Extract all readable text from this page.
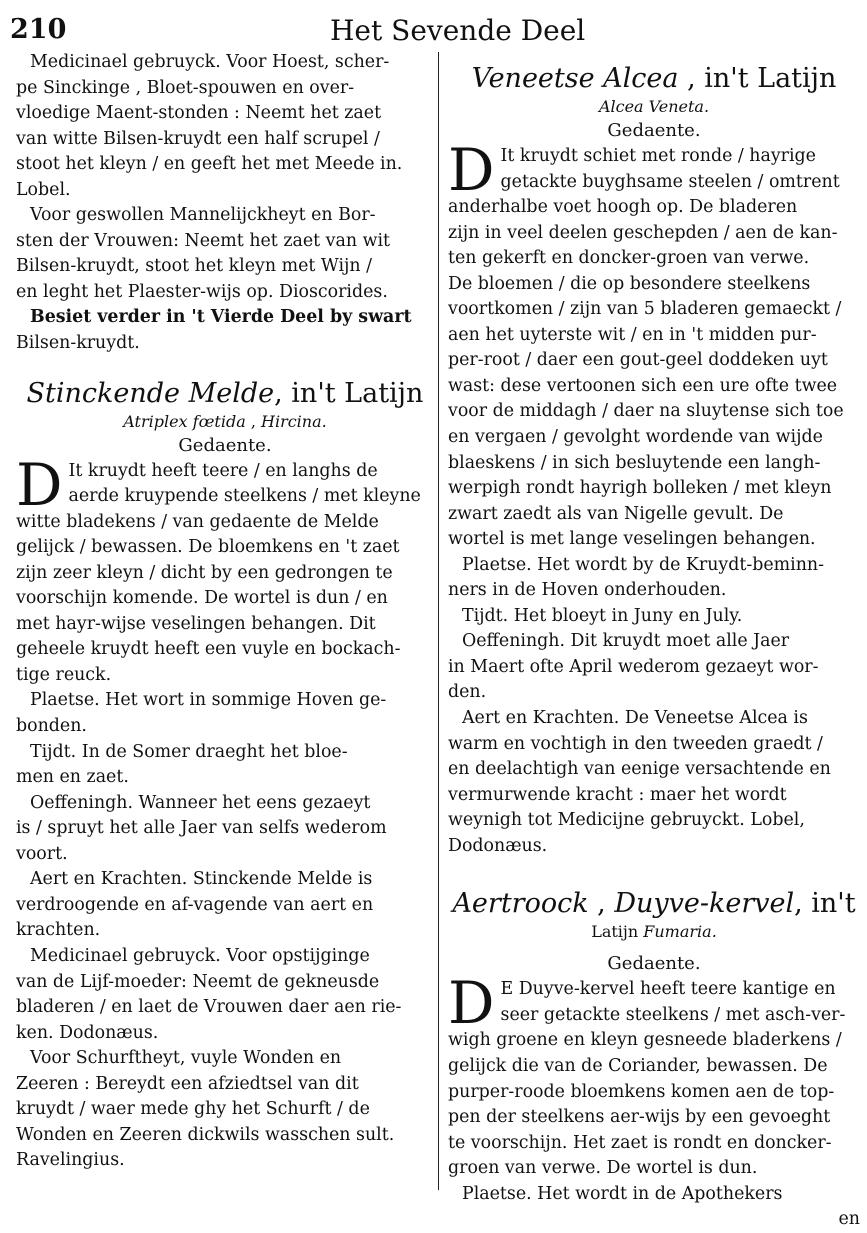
210	Het Sevende Deel

Medicinael gebruyck. Voor Hoest, scher-

pe Sinckinge , Bloet-spouwen en over-

vloedige Maent-stonden : Neemt het zaet

van witte Bilsen-kruydt een half scrupel /

stoot het kleyn / en geeft het met Meede in.

Lobel.

Voor geswollen Mannelijckheyt en Bor-

sten der Vrouwen: Neemt het zaet van wit

Bilsen-kruydt, stoot het kleyn met Wijn /

en leght het Plaester-wijs op. Dioscorides.

Besiet verder in 't Vierde Deel by swart

Bilsen-kruydt.

Stinckende Melde, in't Latijn

Atriplex fœtida , Hircina.

Gedaente.

D It kruydt heeft teere / en langhs de

aerde kruypende steelkens / met kleyne

witte bladekens / van gedaente de Melde

gelijck / bewassen. De bloemkens en 't zaet

zijn zeer kleyn / dicht by een gedrongen te

voorschijn komende. De wortel is dun / en

met hayr-wijse veselingen behangen. Dit

geheele kruydt heeft een vuyle en bockach-

tige reuck.

Plaetse. Het wort in sommige Hoven ge-

bonden.

Tijdt. In de Somer draeght het bloe-

men en zaet.

Oeffeningh. Wanneer het eens gezaeyt

is / spruyt het alle Jaer van selfs wederom

voort.

Aert en Krachten. Stinckende Melde is

verdroogende en af-vagende van aert en

krachten.

Medicinael gebruyck. Voor opstijginge

van de Lijf-moeder: Neemt de gekneusde

bladeren / en laet de Vrouwen daer aen rie-

ken. Dodonæus.

Voor Schurftheyt, vuyle Wonden en

Zeeren : Bereydt een afziedtsel van dit

kruydt / waer mede ghy het Schurft / de

Wonden en Zeeren dickwils wasschen sult.

Ravelingius.

Veneetse Alcea , in't Latijn

Alcea Veneta.

Gedaente.

D It kruydt schiet met ronde / hayrige

getackte buyghsame steelen / omtrent

anderhalbe voet hoogh op. De bladeren

zijn in veel deelen geschepden / aen de kan-

ten gekerft en doncker-groen van verwe.

De bloemen / die op besondere steelkens

voortkomen / zijn van 5 bladeren gemaeckt /

aen het uyterste wit / en in 't midden pur-

per-root / daer een gout-geel doddeken uyt

wast: dese vertoonen sich een ure ofte twee

voor de middagh / daer na sluytense sich toe

en vergaen / gevolght wordende van wijde

blaeskens / in sich besluytende een langh-

werpigh rondt hayrigh bolleken / met kleyn

zwart zaedt als van Nigelle gevult. De

wortel is met lange veselingen behangen.

Plaetse. Het wordt by de Kruydt-beminn-

ners in de Hoven onderhouden.

Tijdt. Het bloeyt in Juny en July.

Oeffeningh. Dit kruydt moet alle Jaer

in Maert ofte April wederom gezaeyt wor-

den.

Aert en Krachten. De Veneetse Alcea is

warm en vochtigh in den tweeden graedt /

en deelachtigh van eenige versachtende en

vermurwende kracht : maer het wordt

weynigh tot Medicijne gebruyckt. Lobel,

Dodonæus.

Aertroock , Duyve-kervel, in't

Latijn Fumaria.

Gedaente.

D E Duyve-kervel heeft teere kantige en

seer getackte steelkens / met asch-ver-

wigh groene en kleyn gesneede bladerkens /

gelijck die van de Coriander, bewassen. De

purper-roode bloemkens komen aen de top-

pen der steelkens aer-wijs by een gevoeght

te voorschijn. Het zaet is rondt en doncker-

groen van verwe. De wortel is dun.

Plaetse. Het wordt in de Apothekers

en
